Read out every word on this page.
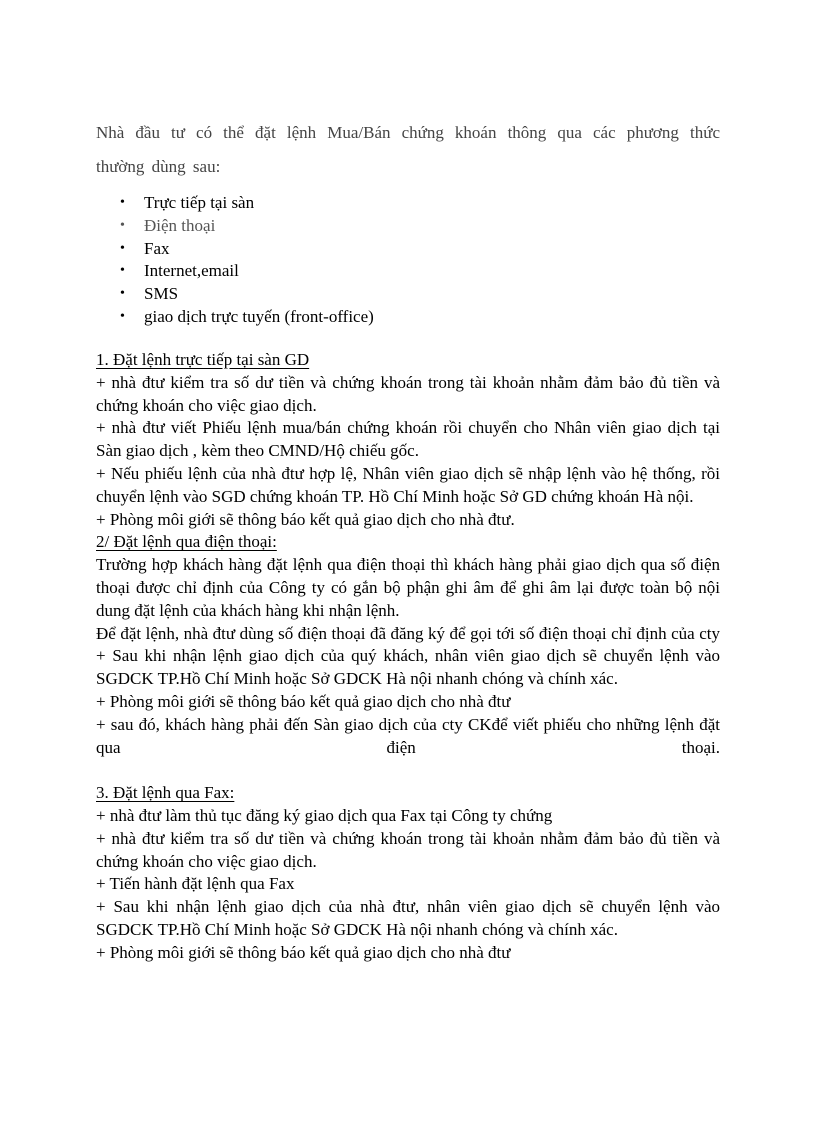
Nhà đầu tư có thể đặt lệnh Mua/Bán chứng khoán thông qua các phương thức thường dùng sau:

• Trực tiếp tại sàn
• Điện thoại
• Fax
• Internet,email
• SMS
• giao dịch trực tuyến (front-office)

1. Đặt lệnh trực tiếp tại sàn GD

+ nhà đtư kiểm tra số dư tiền và chứng khoán trong tài khoản nhằm đảm bảo đủ tiền và chứng khoán cho việc giao dịch.

+ nhà đtư viết Phiếu lệnh mua/bán chứng khoán rồi chuyển cho Nhân viên giao dịch tại Sàn giao dịch , kèm theo CMND/Hộ chiếu gốc.

+ Nếu phiếu lệnh của nhà đtư hợp lệ, Nhân viên giao dịch sẽ nhập lệnh vào hệ thống, rồi chuyển lệnh vào SGD chứng khoán TP. Hồ Chí Minh hoặc Sở GD chứng khoán Hà nội.

+ Phòng môi giới sẽ thông báo kết quả giao dịch cho nhà đtư.

2/ Đặt lệnh qua điện thoại:

Trường hợp khách hàng đặt lệnh qua điện thoại thì khách hàng phải giao dịch qua số điện thoại được chỉ định của Công ty có gắn bộ phận ghi âm để ghi âm lại được toàn bộ nội dung đặt lệnh của khách hàng khi nhận lệnh.

Để đặt lệnh, nhà đtư dùng số điện thoại đã đăng ký để gọi tới số điện thoại chỉ định của cty

+ Sau khi nhận lệnh giao dịch của quý khách, nhân viên giao dịch sẽ chuyển lệnh vào SGDCK TP.Hồ Chí Minh hoặc Sở GDCK Hà nội nhanh chóng và chính xác.

+ Phòng môi giới sẽ thông báo kết quả giao dịch cho nhà đtư

+ sau đó, khách hàng phải đến Sàn giao dịch của cty CKđể viết phiếu cho những lệnh đặt qua điện thoại.

3. Đặt lệnh qua Fax:

+ nhà đtư làm thủ tục đăng ký giao dịch qua Fax tại Công ty chứng

+ nhà đtư kiểm tra số dư tiền và chứng khoán trong tài khoản nhằm đảm bảo đủ tiền và chứng khoán cho việc giao dịch.

+ Tiến hành đặt lệnh qua Fax

+ Sau khi nhận lệnh giao dịch của nhà đtư, nhân viên giao dịch sẽ chuyển lệnh vào SGDCK TP.Hồ Chí Minh hoặc Sở GDCK Hà nội nhanh chóng và chính xác.

+ Phòng môi giới sẽ thông báo kết quả giao dịch cho nhà đtư
